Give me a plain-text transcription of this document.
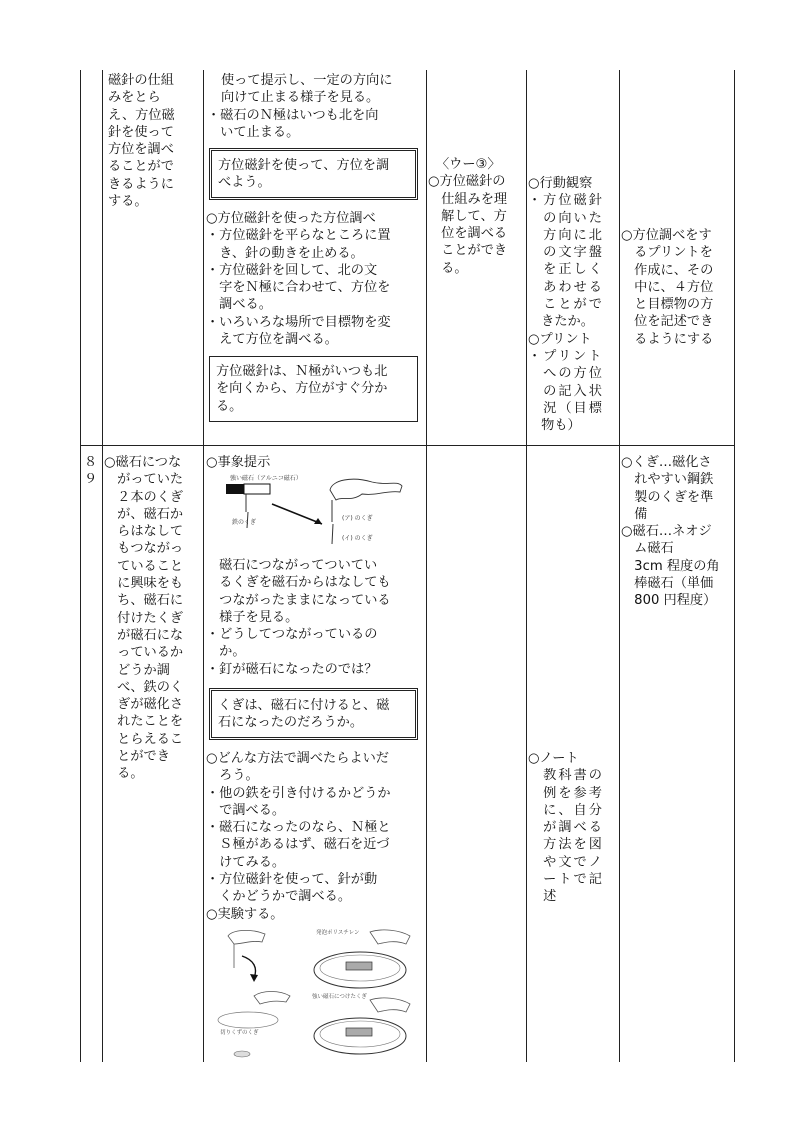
磁針の仕組

みをとら

え、方位磁

針を使って

方位を調べ

ることがで

きるように

する。

使って提示し、一定の方向に

向けて止まる様子を見る。

・磁石のＮ極はいつも北を向

　いて止まる。

方位磁針を使って、方位を調

べよう。

○方位磁針を使った方位調べ

・方位磁針を平らなところに置

　き、針の動きを止める。

・方位磁針を回して、北の文

　字をＮ極に合わせて、方位を

　調べる。

・いろいろな場所で目標物を変

　えて方位を調べる。

方位磁針は、Ｎ極がいつも北

を向くから、方位がすぐ分か

る。

〈ウー③〉

○方位磁針の

　仕組みを理

　解して、方

　位を調べる

　ことができ

　る。

○行動観察

・方位磁針

　の向いた

　方向に北

　の文字盤

　を正しく

　あわせる

　ことがで

　きたか。

○プリント

・プリント

　への方位

　の記入状

　況（目標

　物も）

○方位調べをす

　るプリントを

　作成に、その

　中に、４方位

　と目標物の方

　位を記述でき

　るようにする

８

９

○磁石につな

　がっていた

　２本のくぎ

　が、磁石か

　らはなして

　もつながっ

　ていること

　に興味をも

　ち、磁石に

　付けたくぎ

　が磁石にな

　っているか

　どうか調

　べ、鉄のく

　ぎが磁化さ

　れたことを

　とらえるこ

　とができ

　る。

○事象提示

強い磁石（アルニコ磁石）
鉄のくぎ
(ア) のくぎ
(イ) のくぎ

　磁石につながってついてい

　るくぎを磁石からはなしても

　つながったままになっている

　様子を見る。

・どうしてつながっているの

　か。

・釘が磁石になったのでは？

くぎは、磁石に付けると、磁

石になったのだろうか。

○どんな方法で調べたらよいだ

　ろう。

・他の鉄を引き付けるかどうか

　で調べる。

・磁石になったのなら、Ｎ極と

　Ｓ極があるはず、磁石を近づ

　けてみる。

・方位磁針を使って、針が動

　くかどうかで調べる。

○実験する。

切りくずのくぎ
発泡ポリスチレン
強い磁石につけたくぎ

○ノート

　教科書の

　例を参考

　に、自分

　が調べる

　方法を図

　や文でノ

　ートで記

　述

○くぎ…磁化さ

　れやすい鋼鉄

　製のくぎを準

　備

○磁石…ネオジ

　ム磁石

　3cm 程度の角

　棒磁石（単価

　800 円程度）
